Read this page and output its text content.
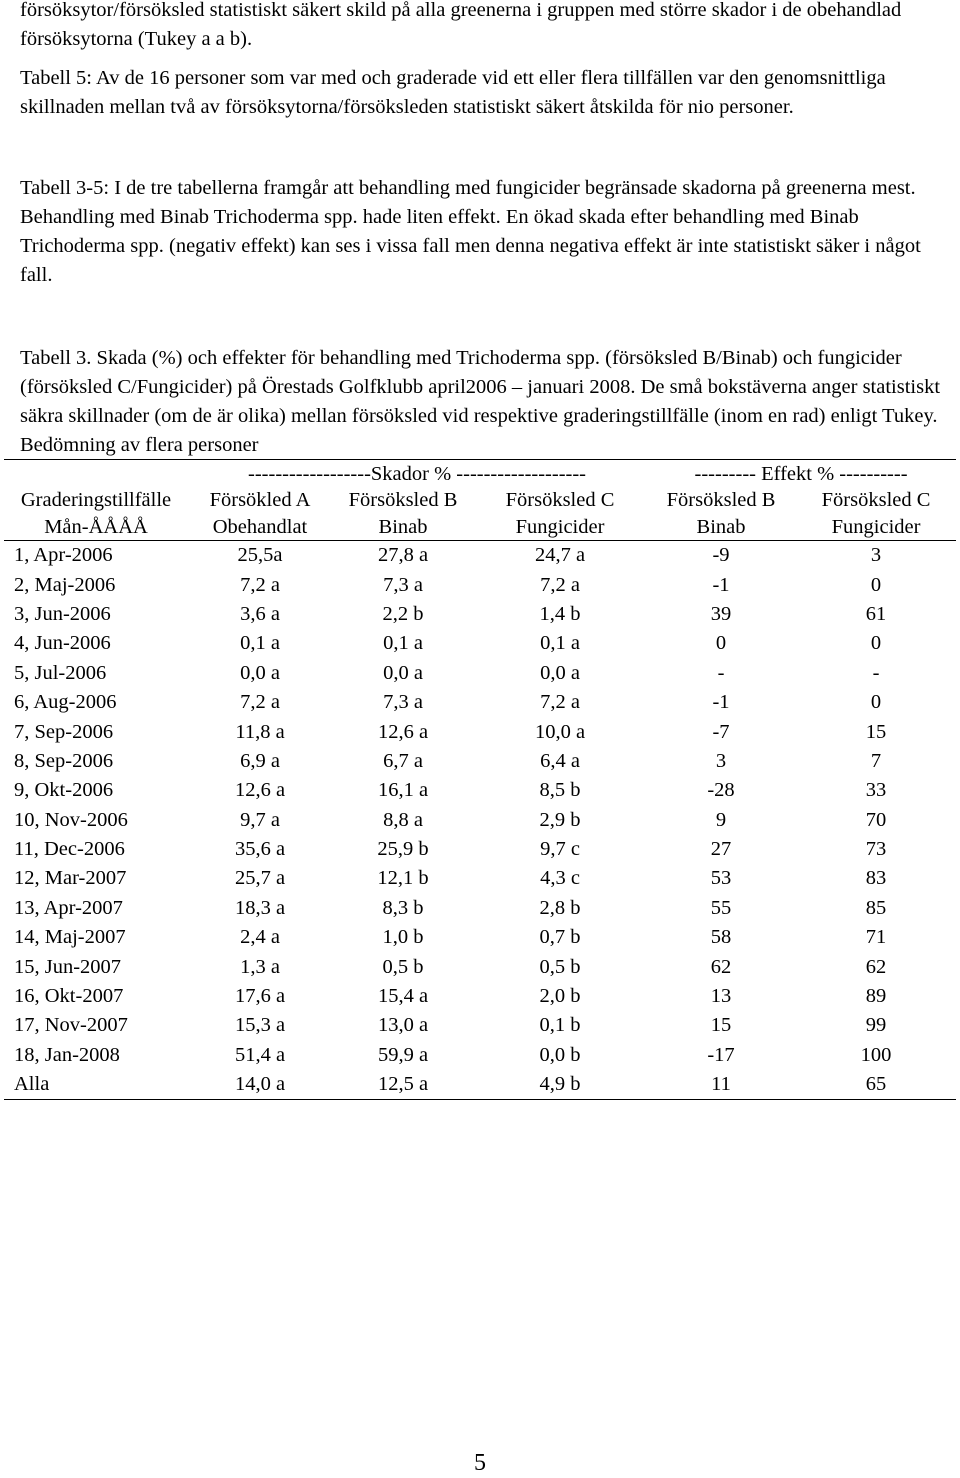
försöksytor/försöksled statistiskt säkert skild på alla greenerna i gruppen med större skador i de obehandlad försöksytorna (Tukey a a b).

Tabell 5: Av de 16 personer som var med och graderade vid ett eller flera tillfällen var den genomsnittliga skillnaden mellan två av försöksytorna/försöksleden statistiskt säkert åtskilda för nio personer.

Tabell 3-5: I de tre tabellerna framgår att behandling med fungicider begränsade skadorna på greenerna mest. Behandling med Binab Trichoderma spp. hade liten effekt. En ökad skada efter behandling med Binab Trichoderma spp. (negativ effekt) kan ses i vissa fall men denna negativa effekt är inte statistiskt säker i något fall.

Tabell 3. Skada (%) och effekter för behandling med Trichoderma spp. (försöksled B/Binab) och fungicider (försöksled C/Fungicider) på Örestads Golfklubb april2006 – januari 2008. De små bokstäverna anger statistiskt säkra skillnader (om de är olika) mellan försöksled vid respektive graderingstillfälle (inom en rad) enligt Tukey. Bedömning av flera personer

	------------------Skador % -------------------			--------- Effekt % ----------	
Graderingstillfälle	Försökled A	Försöksled B	Försöksled C	Försöksled B	Försöksled C
Mån-ÅÅÅÅ	Obehandlat	Binab	Fungicider	Binab	Fungicider
1, Apr-2006	25,5a	27,8 a	24,7 a	-9	3
2, Maj-2006	7,2 a	7,3 a	7,2 a	-1	0
3, Jun-2006	3,6 a	2,2 b	1,4 b	39	61
4, Jun-2006	0,1 a	0,1 a	0,1 a	0	0
5, Jul-2006	0,0 a	0,0 a	0,0 a	-	-
6, Aug-2006	7,2 a	7,3 a	7,2 a	-1	0
7, Sep-2006	11,8 a	12,6 a	10,0 a	-7	15
8, Sep-2006	6,9 a	6,7 a	6,4 a	3	7
9, Okt-2006	12,6 a	16,1 a	8,5 b	-28	33
10, Nov-2006	9,7 a	8,8 a	2,9 b	9	70
11, Dec-2006	35,6 a	25,9 b	9,7 c	27	73
12, Mar-2007	25,7 a	12,1 b	4,3 c	53	83
13, Apr-2007	18,3 a	8,3 b	2,8 b	55	85
14, Maj-2007	2,4 a	1,0 b	0,7 b	58	71
15, Jun-2007	1,3 a	0,5 b	0,5 b	62	62
16, Okt-2007	17,6 a	15,4 a	2,0 b	13	89
17, Nov-2007	15,3 a	13,0 a	0,1 b	15	99
18, Jan-2008	51,4 a	59,9 a	0,0 b	-17	100
Alla	14,0 a	12,5 a	4,9 b	11	65
5
